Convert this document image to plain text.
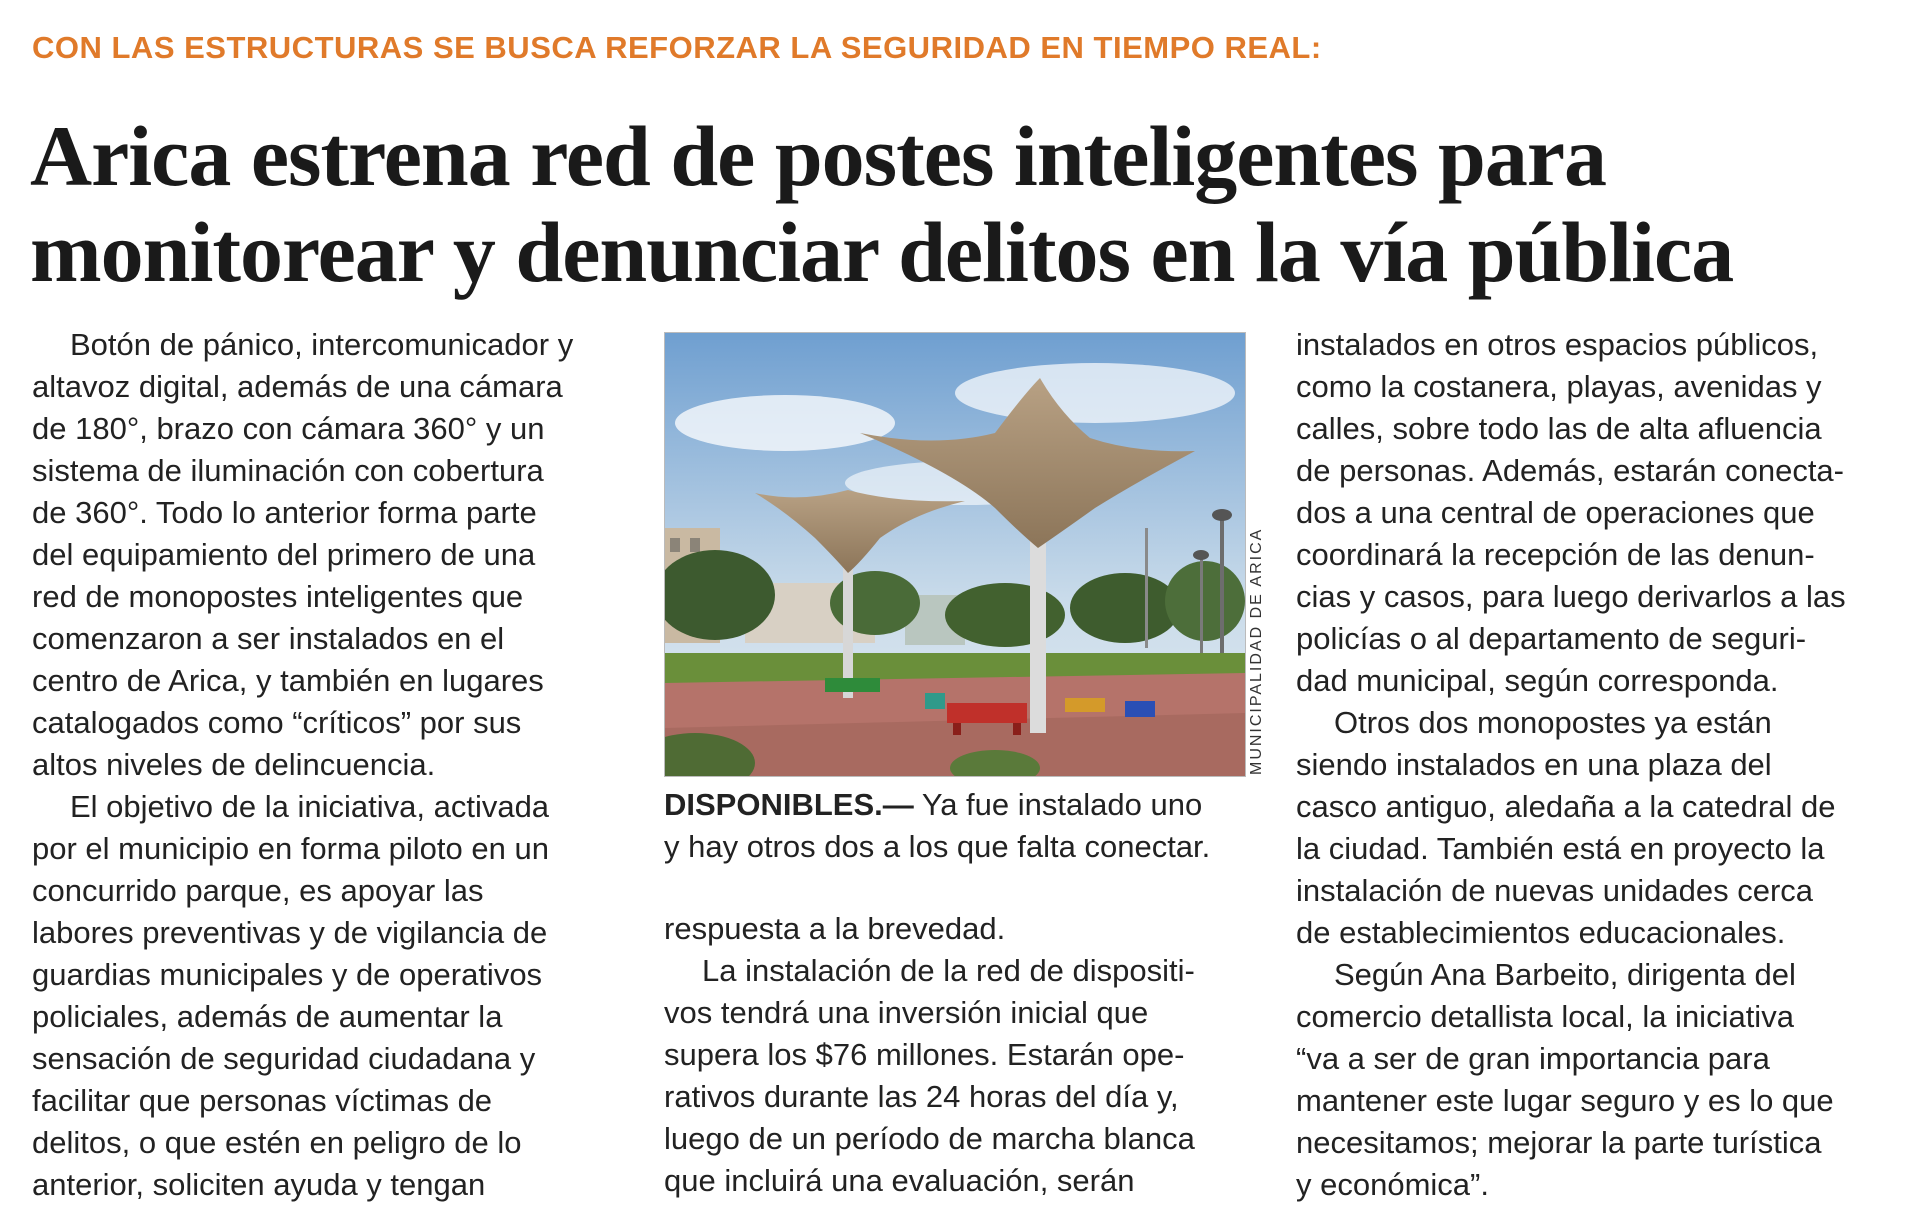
CON LAS ESTRUCTURAS SE BUSCA REFORZAR LA SEGURIDAD EN TIEMPO REAL:
Arica estrena red de postes inteligentes para
monitorear y denunciar delitos en la vía pública
Botón de pánico, intercomunicador y
altavoz digital, además de una cámara
de 180°, brazo con cámara 360° y un
sistema de iluminación con cobertura
de 360°. Todo lo anterior forma parte
del equipamiento del primero de una
red de monopostes inteligentes que
comenzaron a ser instalados en el
centro de Arica, y también en lugares
catalogados como “críticos” por sus
altos niveles de delincuencia.
El objetivo de la iniciativa, activada
por el municipio en forma piloto en un
concurrido parque, es apoyar las
labores preventivas y de vigilancia de
guardias municipales y de operativos
policiales, además de aumentar la
sensación de seguridad ciudadana y
facilitar que personas víctimas de
delitos, o que estén en peligro de lo
anterior, soliciten ayuda y tengan
MUNICIPALIDAD DE ARICA
DISPONIBLES.— Ya fue instalado uno
y hay otros dos a los que falta conectar.
respuesta a la brevedad.
La instalación de la red de dispositi-
vos tendrá una inversión inicial que
supera los $76 millones. Estarán ope-
rativos durante las 24 horas del día y,
luego de un período de marcha blanca
que incluirá una evaluación, serán
instalados en otros espacios públicos,
como la costanera, playas, avenidas y
calles, sobre todo las de alta afluencia
de personas. Además, estarán conecta-
dos a una central de operaciones que
coordinará la recepción de las denun-
cias y casos, para luego derivarlos a las
policías o al departamento de seguri-
dad municipal, según corresponda.
Otros dos monopostes ya están
siendo instalados en una plaza del
casco antiguo, aledaña a la catedral de
la ciudad. También está en proyecto la
instalación de nuevas unidades cerca
de establecimientos educacionales.
Según Ana Barbeito, dirigenta del
comercio detallista local, la iniciativa
“va a ser de gran importancia para
mantener este lugar seguro y es lo que
necesitamos; mejorar la parte turística
y económica”.
